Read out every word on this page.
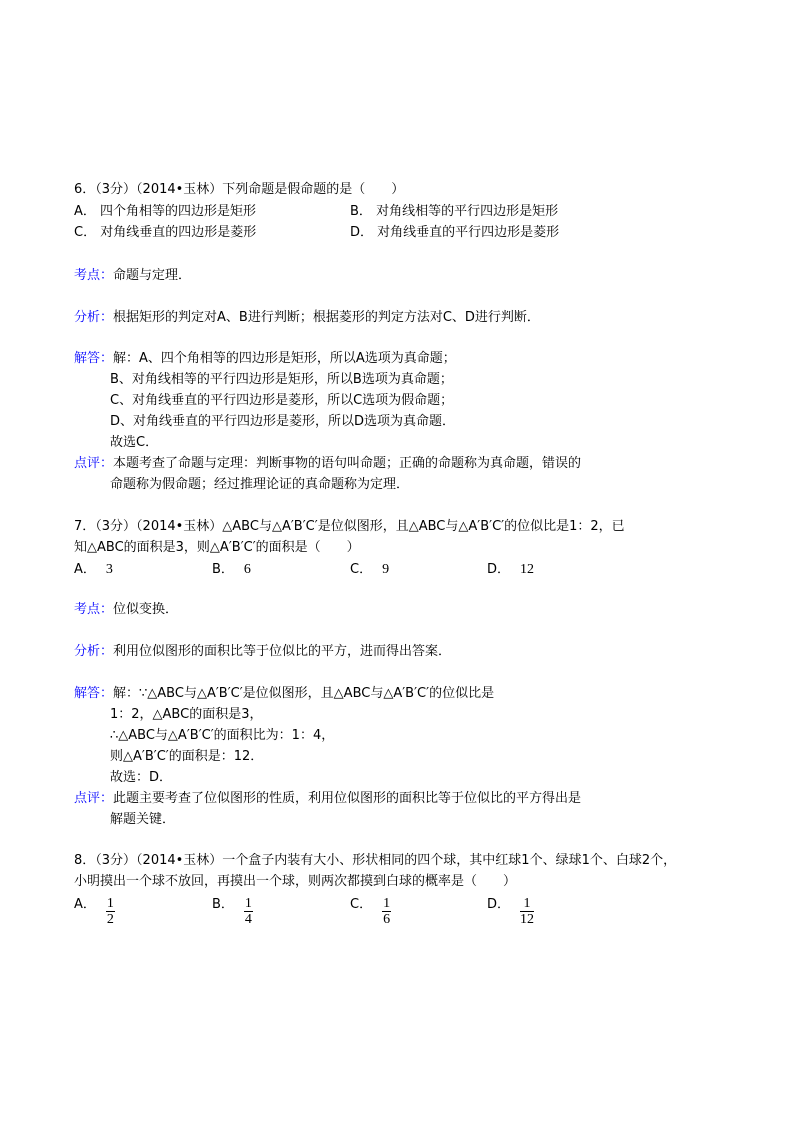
6．（3分）（2014•玉林）下列命题是假命题的是（　　）
A． 四个角相等的四边形是矩形	B． 对角线相等的平行四边形是矩形
C． 对角线垂直的四边形是菱形	D． 对角线垂直的平行四边形是菱形
考点：命题与定理．
分析：根据矩形的判定对A、B进行判断；根据菱形的判定方法对C、D进行判断．
解答：解：A、四个角相等的四边形是矩形，所以A选项为真命题；
B、对角线相等的平行四边形是矩形，所以B选项为真命题；
C、对角线垂直的平行四边形是菱形，所以C选项为假命题；
D、对角线垂直的平行四边形是菱形，所以D选项为真命题．
故选C．
点评：本题考查了命题与定理：判断事物的语句叫命题；正确的命题称为真命题，错误的
命题称为假命题；经过推理论证的真命题称为定理．
7．（3分）（2014•玉林）△ABC与△A′B′C′是位似图形，且△ABC与△A′B′C′的位似比是1：2，已
知△ABC的面积是3，则△A′B′C′的面积是（　　）
A． 3	B． 6	C． 9	D． 12
考点：位似变换．
分析：利用位似图形的面积比等于位似比的平方，进而得出答案．
解答：解：∵△ABC与△A′B′C′是位似图形，且△ABC与△A′B′C′的位似比是
1：2，△ABC的面积是3，
∴△ABC与△A′B′C′的面积比为：1：4，
则△A′B′C′的面积是：12．
故选：D．
点评：此题主要考查了位似图形的性质，利用位似图形的面积比等于位似比的平方得出是
解题关键．
8．（3分）（2014•玉林）一个盒子内装有大小、形状相同的四个球，其中红球1个、绿球1个、白球2个，
小明摸出一个球不放回，再摸出一个球，则两次都摸到白球的概率是（　　）
A． $\frac{1}{2}$	B． $\frac{1}{4}$	C． $\frac{1}{6}$	D． $\frac{1}{12}$
